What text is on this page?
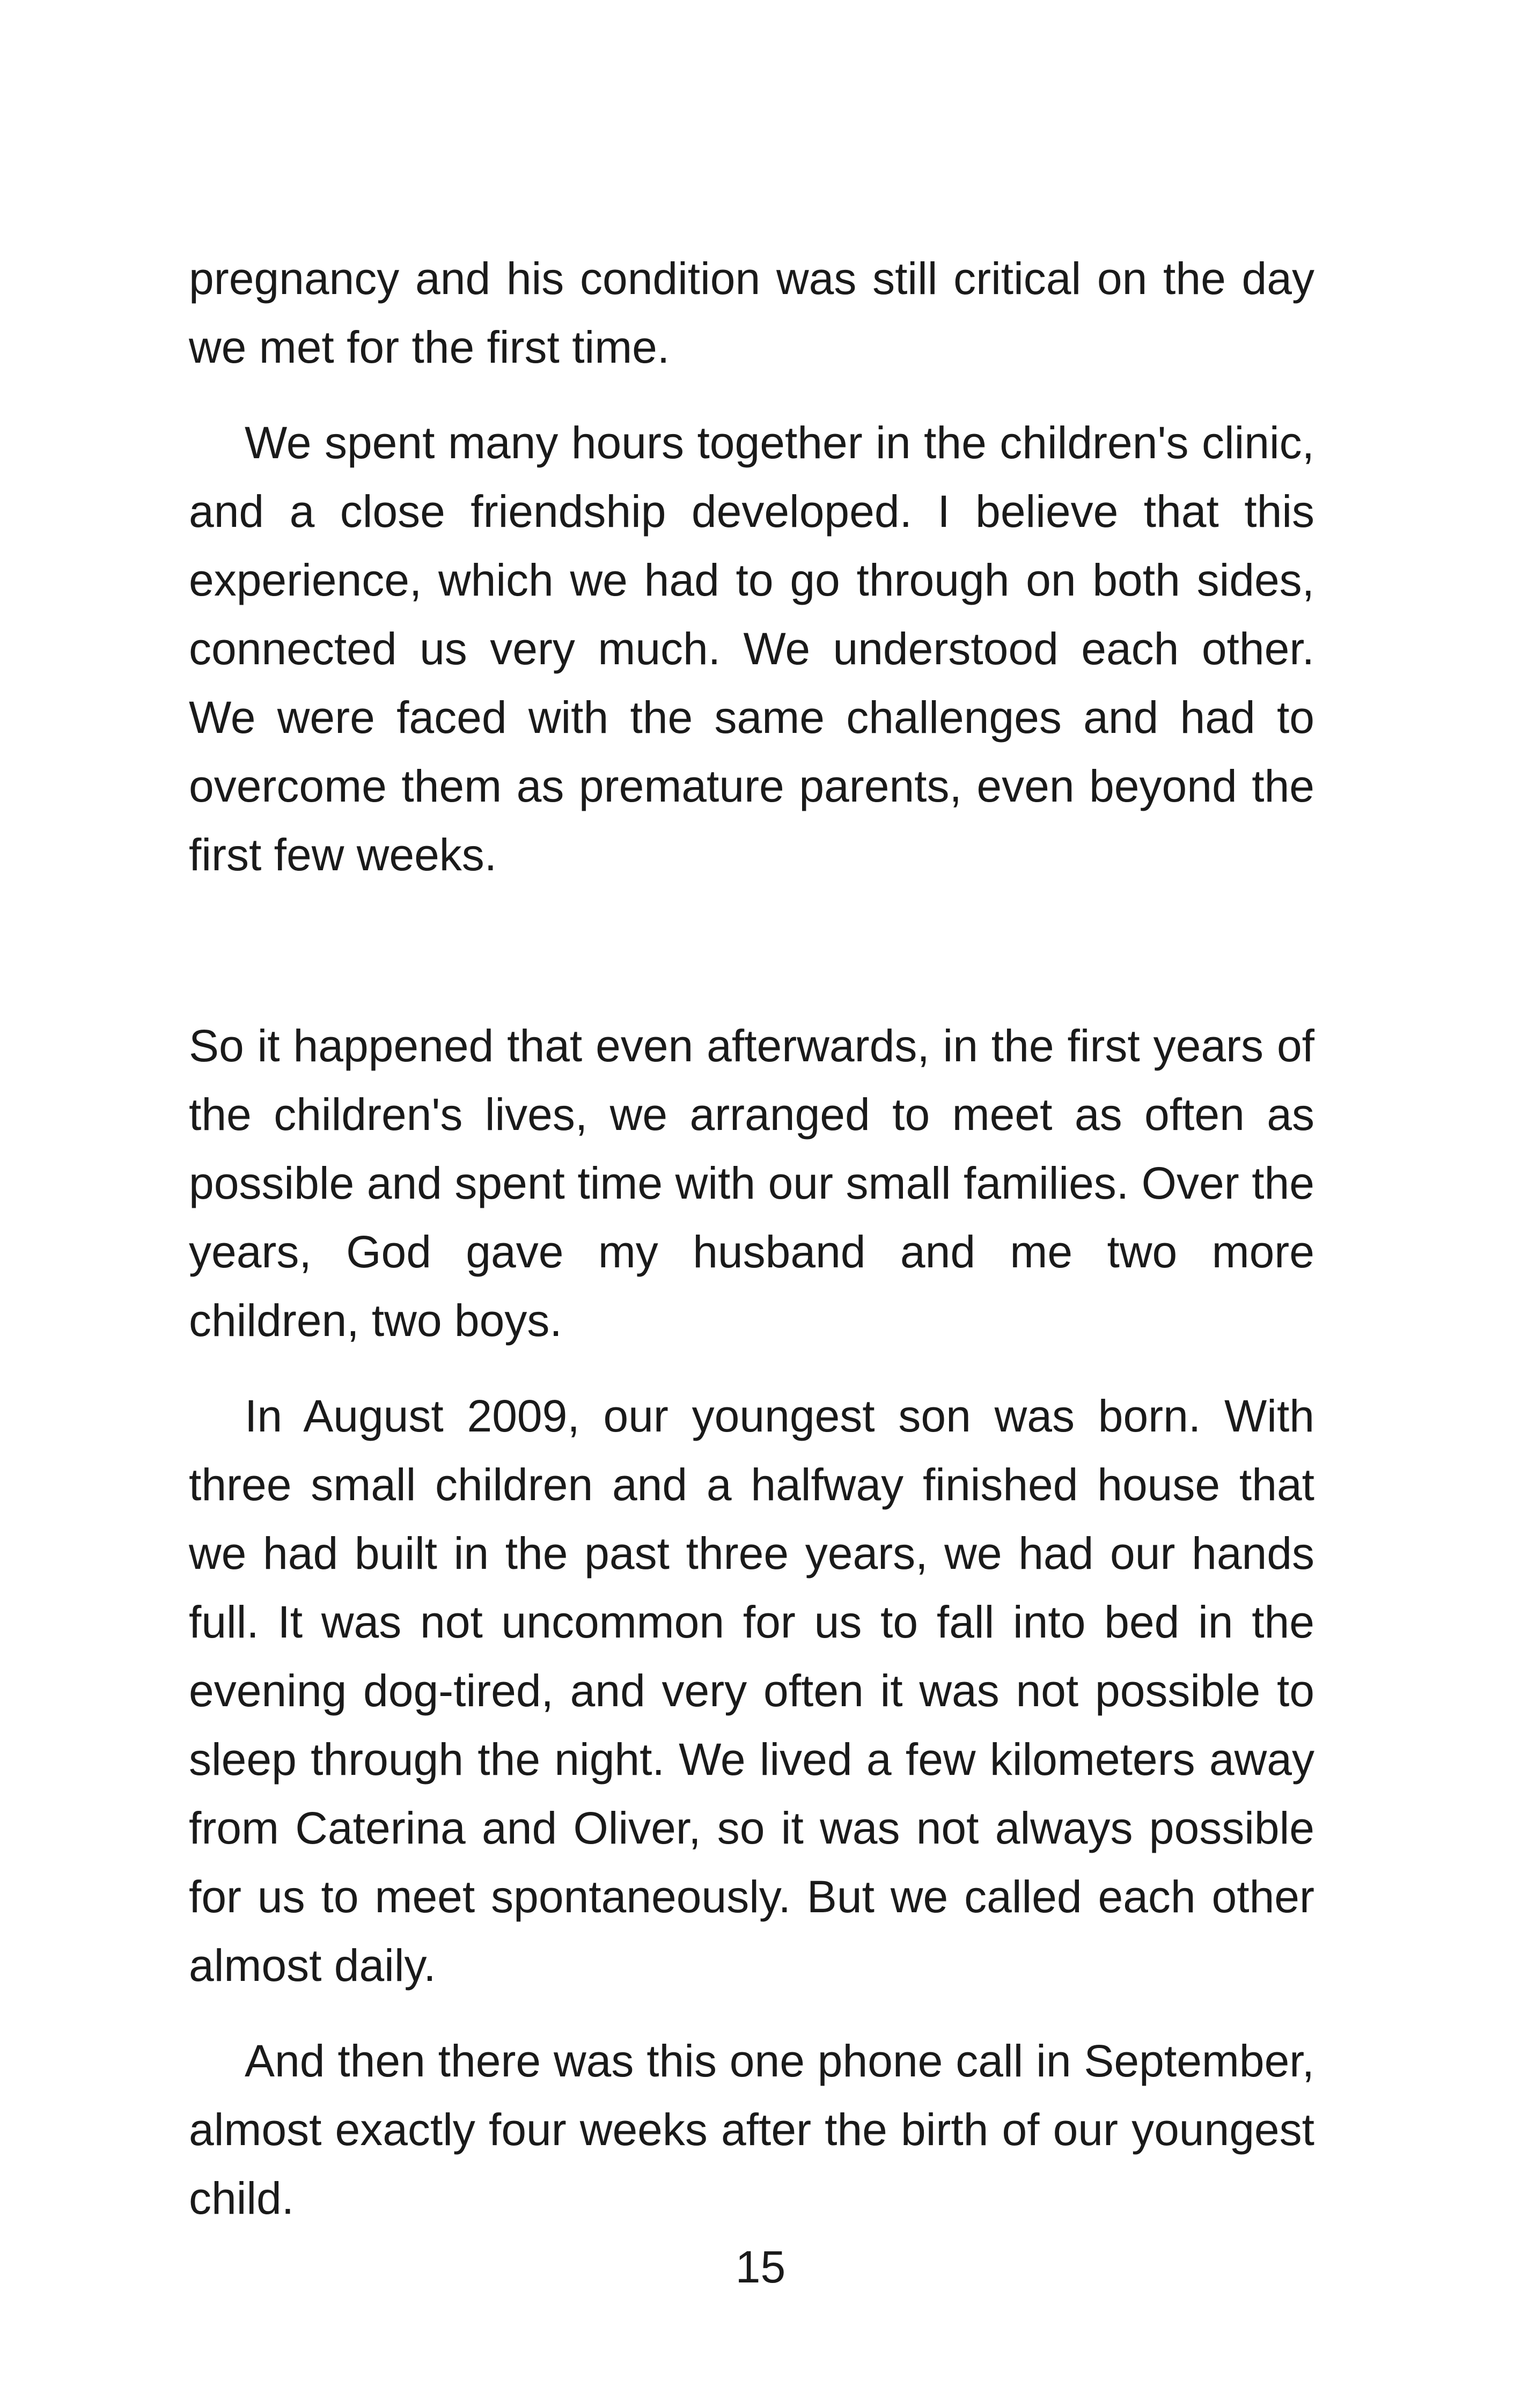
pregnancy and his condition was still critical on the day we met for the first time.

We spent many hours together in the children's clinic, and a close friendship developed. I believe that this experience, which we had to go through on both sides, connected us very much. We understood each other. We were faced with the same challenges and had to overcome them as premature parents, even beyond the first few weeks.

So it happened that even afterwards, in the first years of the children's lives, we arranged to meet as often as possible and spent time with our small families. Over the years, God gave my husband and me two more children, two boys.

In August 2009, our youngest son was born. With three small children and a halfway finished house that we had built in the past three years, we had our hands full. It was not uncommon for us to fall into bed in the evening dog-tired, and very often it was not possible to sleep through the night. We lived a few kilometers away from Caterina and Oliver, so it was not always possible for us to meet spontaneously. But we called each other almost daily.

And then there was this one phone call in September, almost exactly four weeks after the birth of our youngest child.

15
